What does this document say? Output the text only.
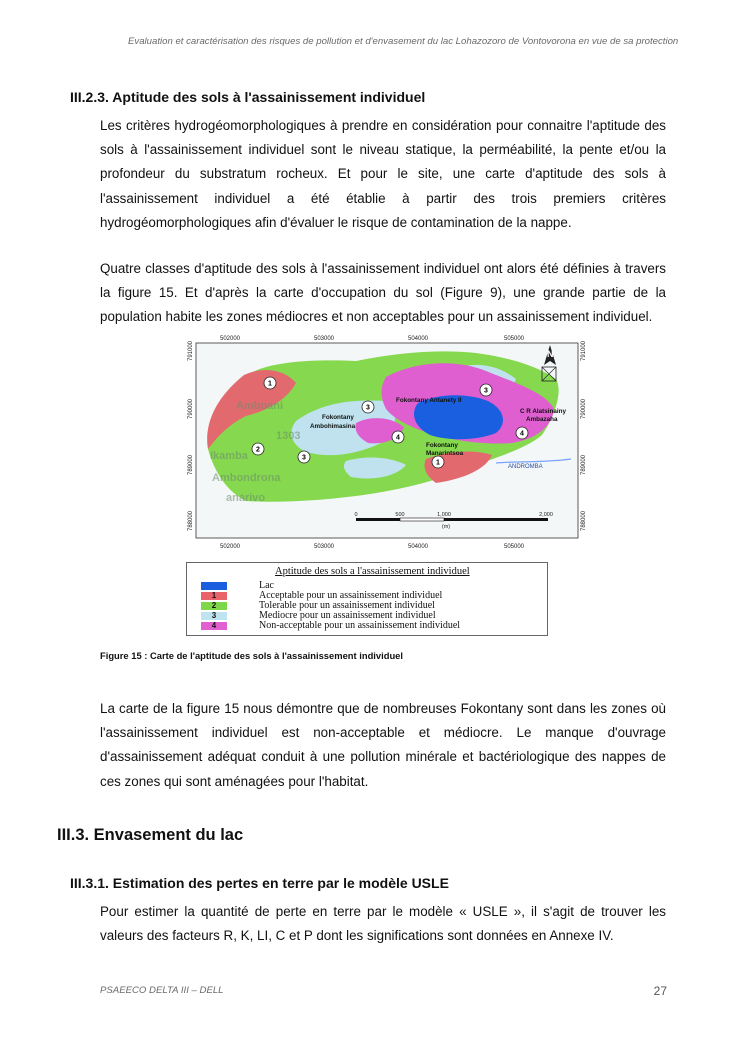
Evaluation et caractérisation des risques de pollution et d'envasement du lac Lohazozoro de Vontovorona en vue de sa protection
III.2.3. Aptitude des sols à l'assainissement individuel

Les critères hydrogéomorphologiques à prendre en considération pour connaitre l'aptitude des sols à l'assainissement individuel sont le niveau statique, la perméabilité, la pente et/ou la profondeur du substratum rocheux. Et pour le site, une carte d'aptitude des sols à l'assainissement individuel a été établie à partir des trois premiers critères hydrogéomorphologiques afin d'évaluer le risque de contamination de la nappe.

Quatre classes d'aptitude des sols à l'assainissement individuel ont alors été définies à travers la figure 15. Et d'après la carte d'occupation du sol (Figure 9), une grande partie de la population habite les zones médiocres et non acceptables pour un assainissement individuel.

502000	503000	504000	505000
502000	503000	504000	505000
791000
790000
789000
788000
791000
790000
789000
788000
1303
Ikamba
anarivo
Amboani
Ambondrona
1
2
3
3
4
4
3
1
Fokontany Antanety II
Fokontany
Ambohimasina
Fokontany
Manarintsoa
C R Alatsinainy
Ambazaha
ANDROMBA
N
0	500	1,000	2,000
(m)
Aptitude des sols a l'assainissement individuel
Lac
1	Acceptable pour un assainissement individuel
2	Tolerable pour un assainissement individuel
3	Mediocre pour un assainissement individuel
4	Non-acceptable pour un assainissement individuel
Figure 15 : Carte de l'aptitude des sols à l'assainissement individuel

La carte de la figure 15 nous démontre que de nombreuses Fokontany sont dans les zones où l'assainissement individuel est non-acceptable et médiocre. Le manque d'ouvrage d'assainissement adéquat conduit à une pollution minérale et bactériologique des nappes de ces zones qui sont aménagées pour l'habitat.

III.3. Envasement du lac
III.3.1. Estimation des pertes en terre par le modèle USLE

Pour estimer la quantité de perte en terre par le modèle « USLE », il s'agit de trouver les valeurs des facteurs R, K, LI, C et P dont les significations sont données en Annexe IV.

PSAEECO DELTA III – DELL	27
